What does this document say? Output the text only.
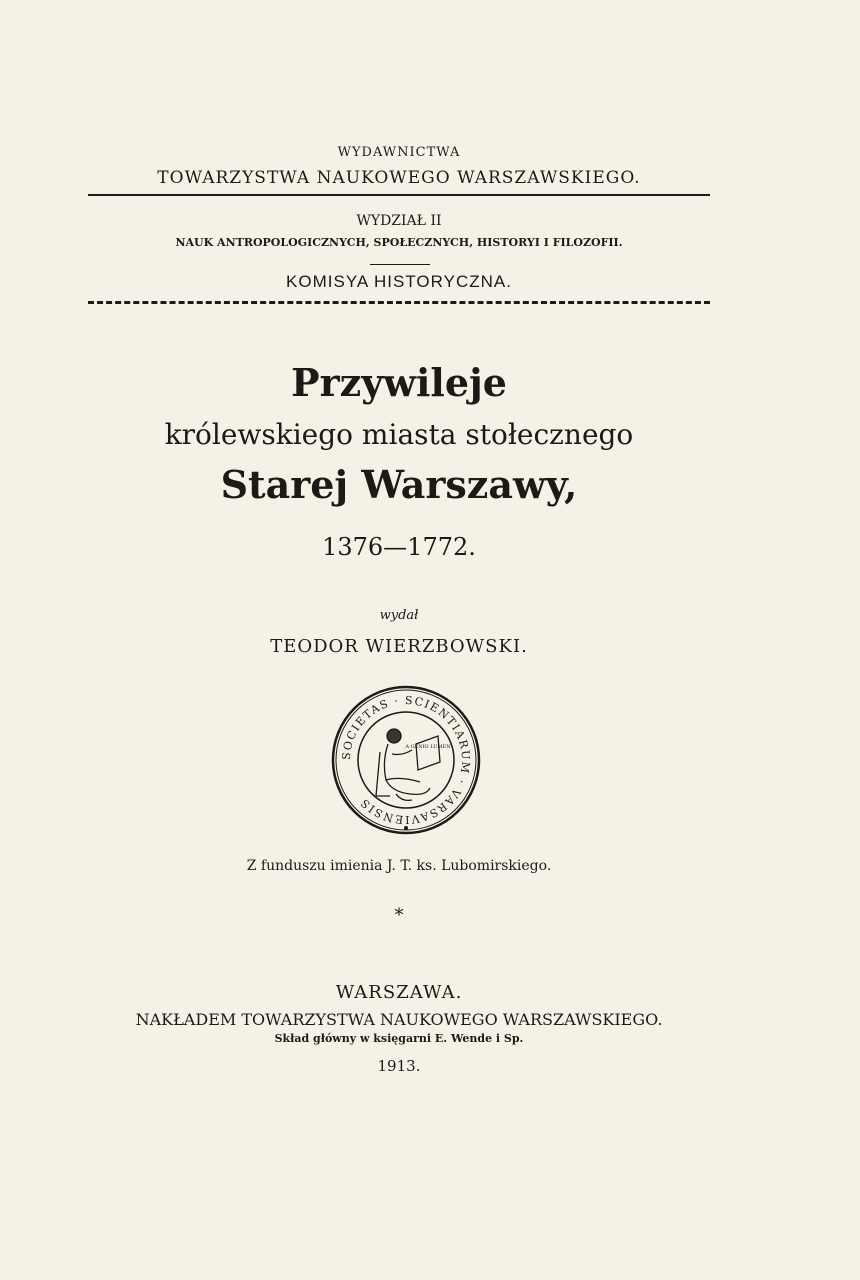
WYDAWNICTWA
TOWARZYSTWA NAUKOWEGO WARSZAWSKIEGO.
WYDZIAŁ II
NAUK ANTROPOLOGICZNYCH, SPOŁECZNYCH, HISTORYI I FILOZOFII.
KOMISYA HISTORYCZNA.
Przywileje
królewskiego miasta stołecznego
Starej Warszawy,
1376—1772.
wydał
TEODOR WIERZBOWSKI.
SOCIETAS · SCIENTIARUM · VARSAVIENSIS
A GENIO LUMEN
Z funduszu imienia J. T. ks. Lubomirskiego.
*
WARSZAWA.
NAKŁADEM TOWARZYSTWA NAUKOWEGO WARSZAWSKIEGO.
Skład główny w księgarni E. Wende i Sp.
1913.
